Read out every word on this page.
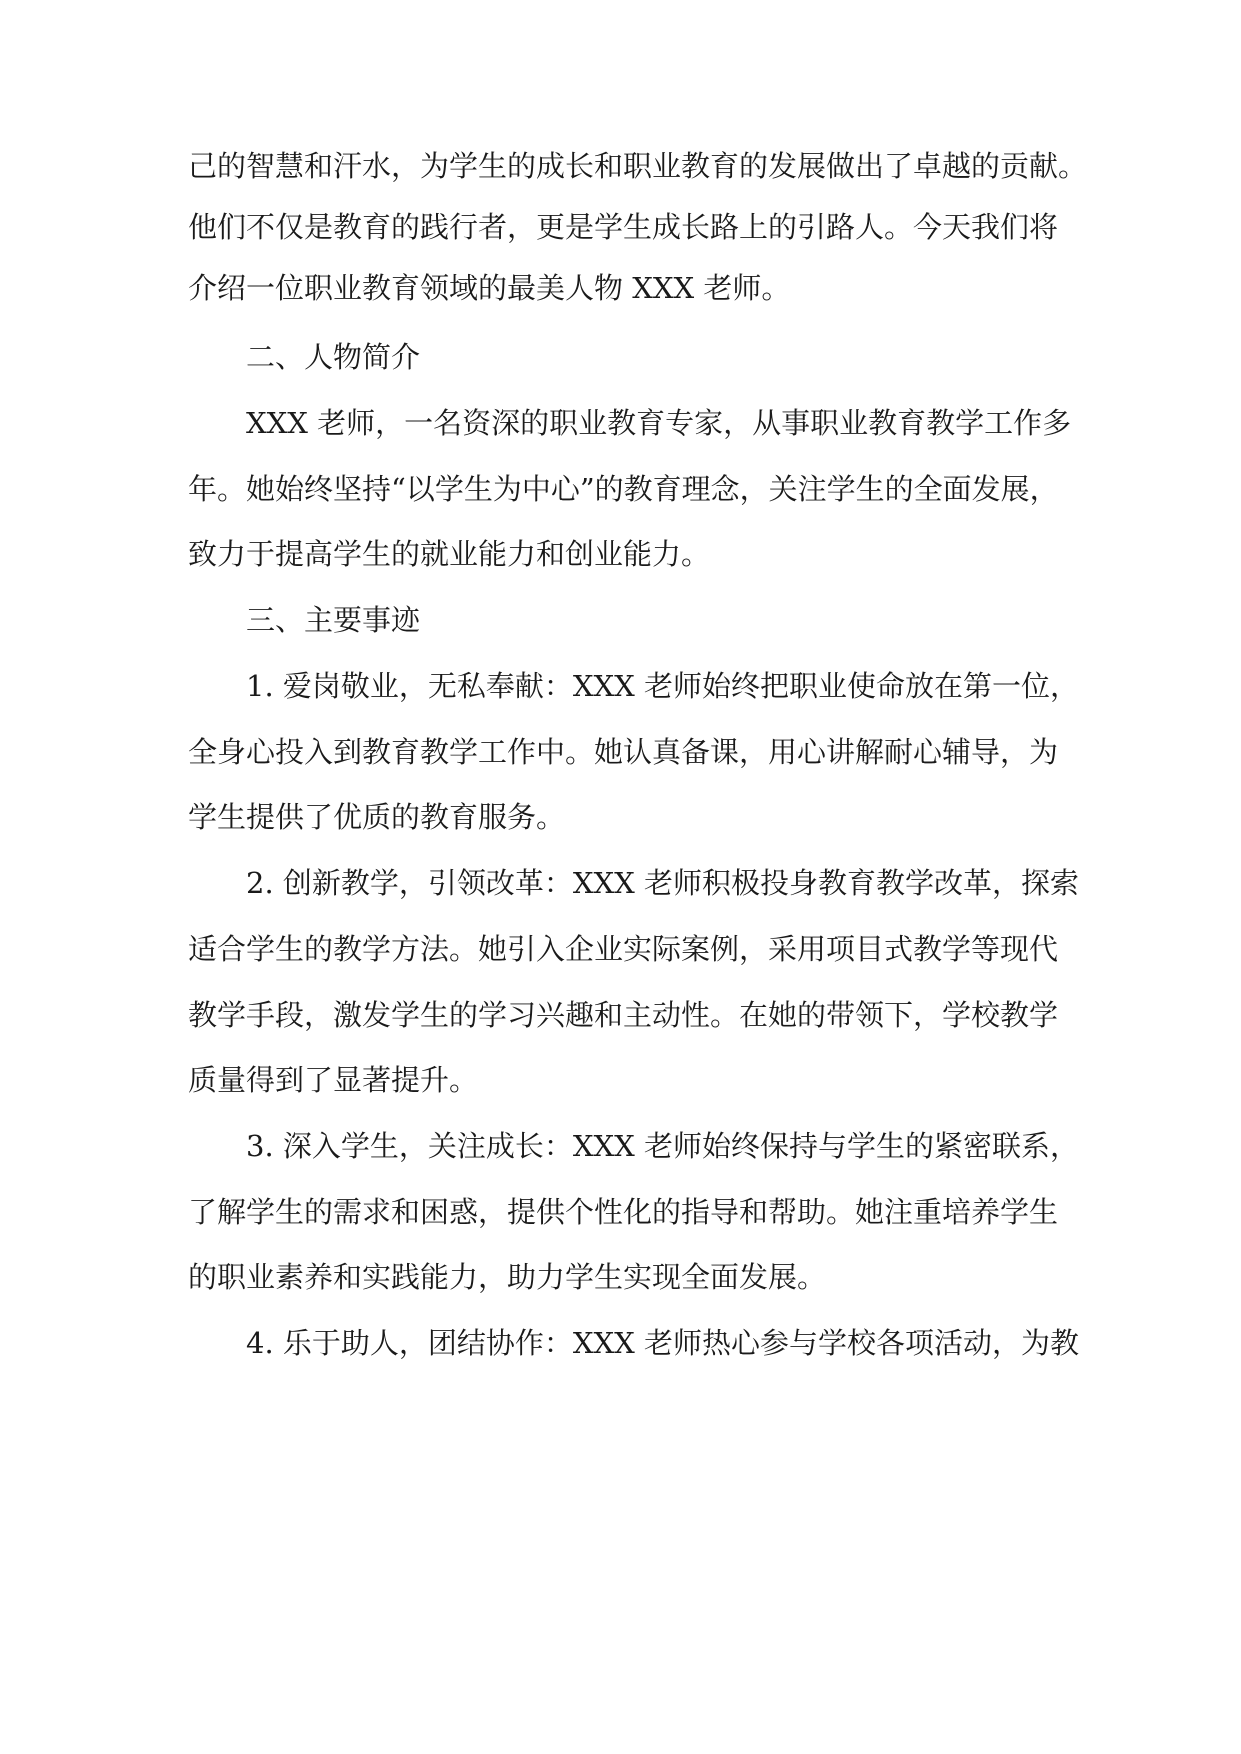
己的智慧和汗水，为学生的成长和职业教育的发展做出了卓越的贡献。
他们不仅是教育的践行者，更是学生成长路上的引路人。今天我们将
介绍一位职业教育领域的最美人物 XXX 老师。
二、人物简介
XXX 老师，一名资深的职业教育专家，从事职业教育教学工作多
年。她始终坚持“以学生为中心”的教育理念，关注学生的全面发展，
致力于提高学生的就业能力和创业能力。
三、主要事迹
1. 爱岗敬业，无私奉献：XXX 老师始终把职业使命放在第一位，
全身心投入到教育教学工作中。她认真备课，用心讲解耐心辅导，为
学生提供了优质的教育服务。
2. 创新教学，引领改革：XXX 老师积极投身教育教学改革，探索
适合学生的教学方法。她引入企业实际案例，采用项目式教学等现代
教学手段，激发学生的学习兴趣和主动性。在她的带领下，学校教学
质量得到了显著提升。
3. 深入学生，关注成长：XXX 老师始终保持与学生的紧密联系，
了解学生的需求和困惑，提供个性化的指导和帮助。她注重培养学生
的职业素养和实践能力，助力学生实现全面发展。
4. 乐于助人，团结协作：XXX 老师热心参与学校各项活动，为教
